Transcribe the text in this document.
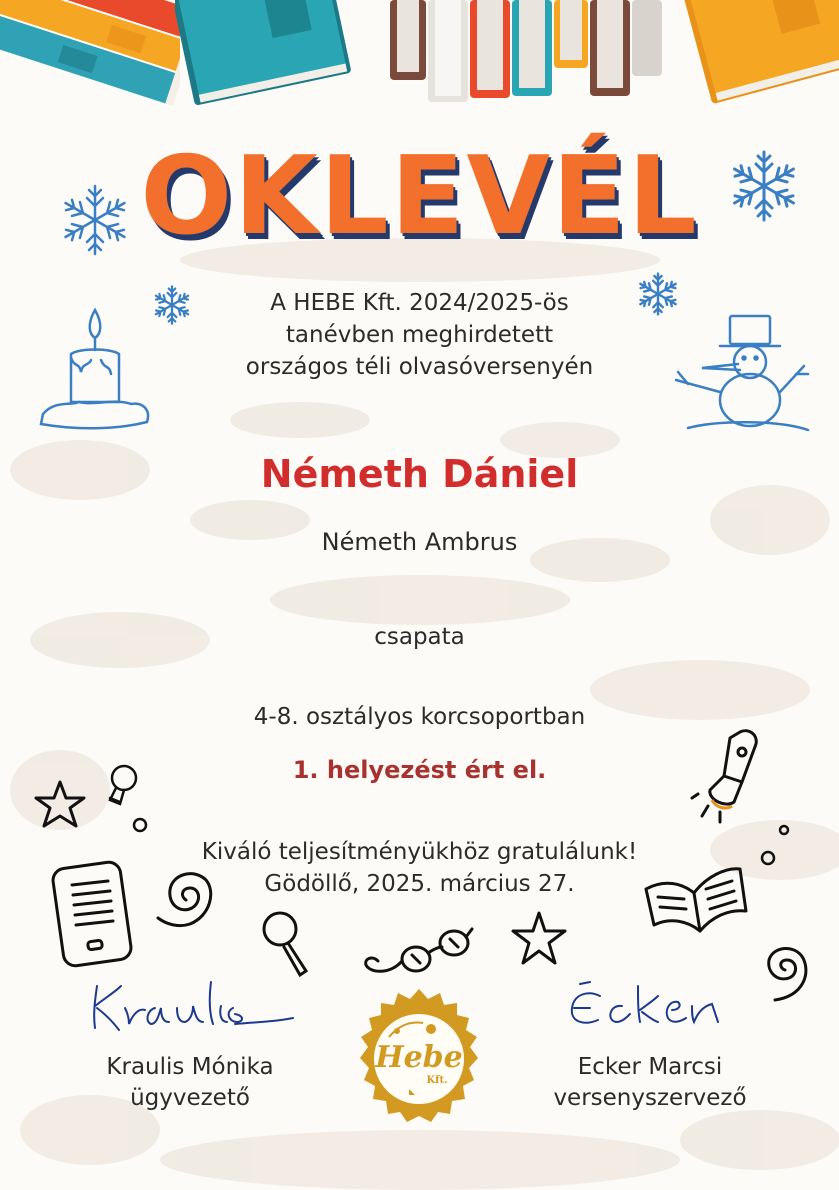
OKLEVÉL
A HEBE Kft. 2024/2025-ös
tanévben meghirdetett
országos téli olvasóversenyén
Németh Dániel
Németh Ambrus
csapata
4-8. osztályos korcsoportban
1. helyezést ért el.
Kiváló teljesítményükhöz gratulálunk!
Gödöllő, 2025. március 27.
Kraulis Mónika
ügyvezető
Ecker Marcsi
versenyszervező
Hebe
Kft.
